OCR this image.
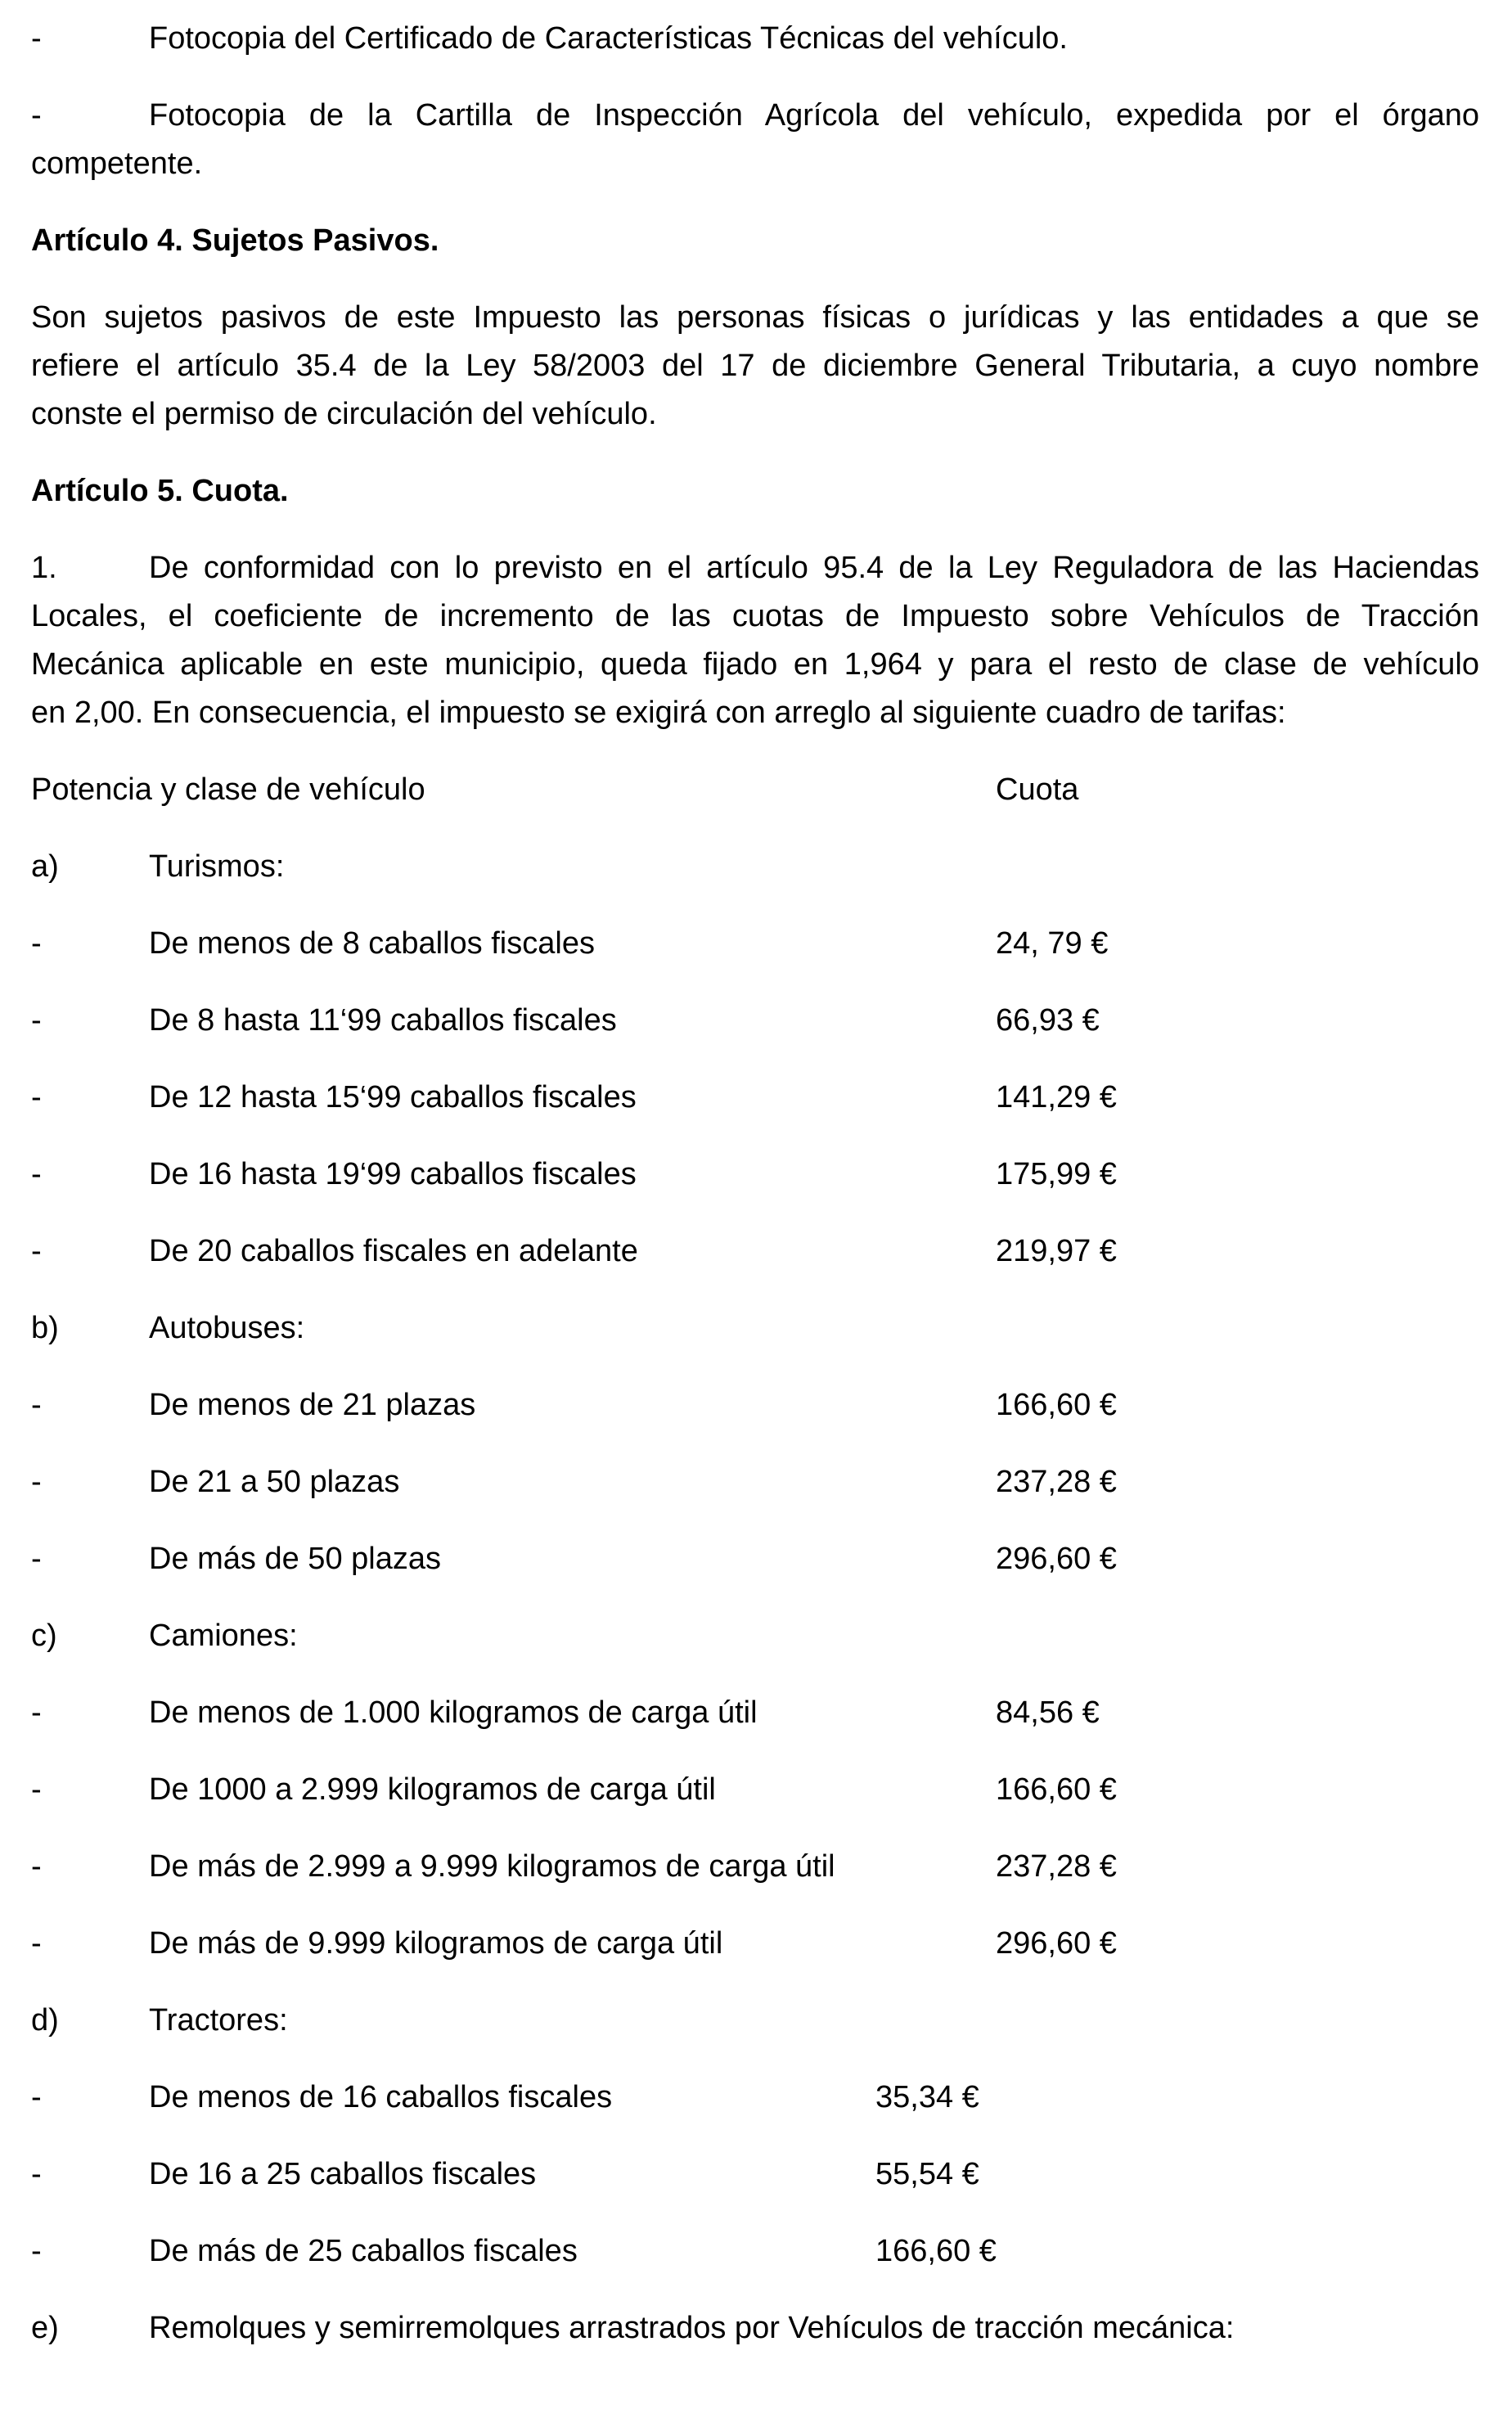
-	Fotocopia del Certificado de Características Técnicas del vehículo.
-	Fotocopia de la Cartilla de Inspección Agrícola del vehículo, expedida por el órgano
competente.
Artículo 4. Sujetos Pasivos.
Son sujetos pasivos de este Impuesto las personas físicas o jurídicas y las entidades a que se
refiere el artículo 35.4 de la Ley 58/2003 del 17 de diciembre General Tributaria, a cuyo nombre
conste el permiso de circulación del vehículo.
Artículo 5. Cuota.
1.	De conformidad con lo previsto en el artículo 95.4 de la Ley Reguladora de las Haciendas
Locales, el coeficiente de incremento de las cuotas de Impuesto sobre Vehículos de Tracción
Mecánica aplicable en este municipio, queda fijado en 1,964 y para el resto de clase de vehículo
en 2,00. En consecuencia, el impuesto se exigirá con arreglo al siguiente cuadro de tarifas:
Potencia y clase de vehículo	Cuota
a)	Turismos:
-	De menos de 8 caballos fiscales	24, 79 €
-	De 8 hasta 11‘99 caballos fiscales	66,93 €
-	De 12 hasta 15‘99 caballos fiscales	141,29 €
-	De 16 hasta 19‘99 caballos fiscales	175,99 €
-	De 20 caballos fiscales en adelante	219,97 €
b)	Autobuses:
-	De menos de 21 plazas	166,60 €
-	De 21 a 50 plazas	237,28 €
-	De más de 50 plazas	296,60 €
c)	Camiones:
-	De menos de 1.000 kilogramos de carga útil	84,56 €
-	De 1000 a 2.999 kilogramos de carga útil	166,60 €
-	De más de 2.999 a 9.999 kilogramos de carga útil	237,28 €
-	De más de 9.999 kilogramos de carga útil	296,60 €
d)	Tractores:
-	De menos de 16 caballos fiscales	35,34 €
-	De 16 a 25 caballos fiscales	55,54 €
-	De más de 25 caballos fiscales	166,60 €
e)	Remolques y semirremolques arrastrados por Vehículos de tracción mecánica:
